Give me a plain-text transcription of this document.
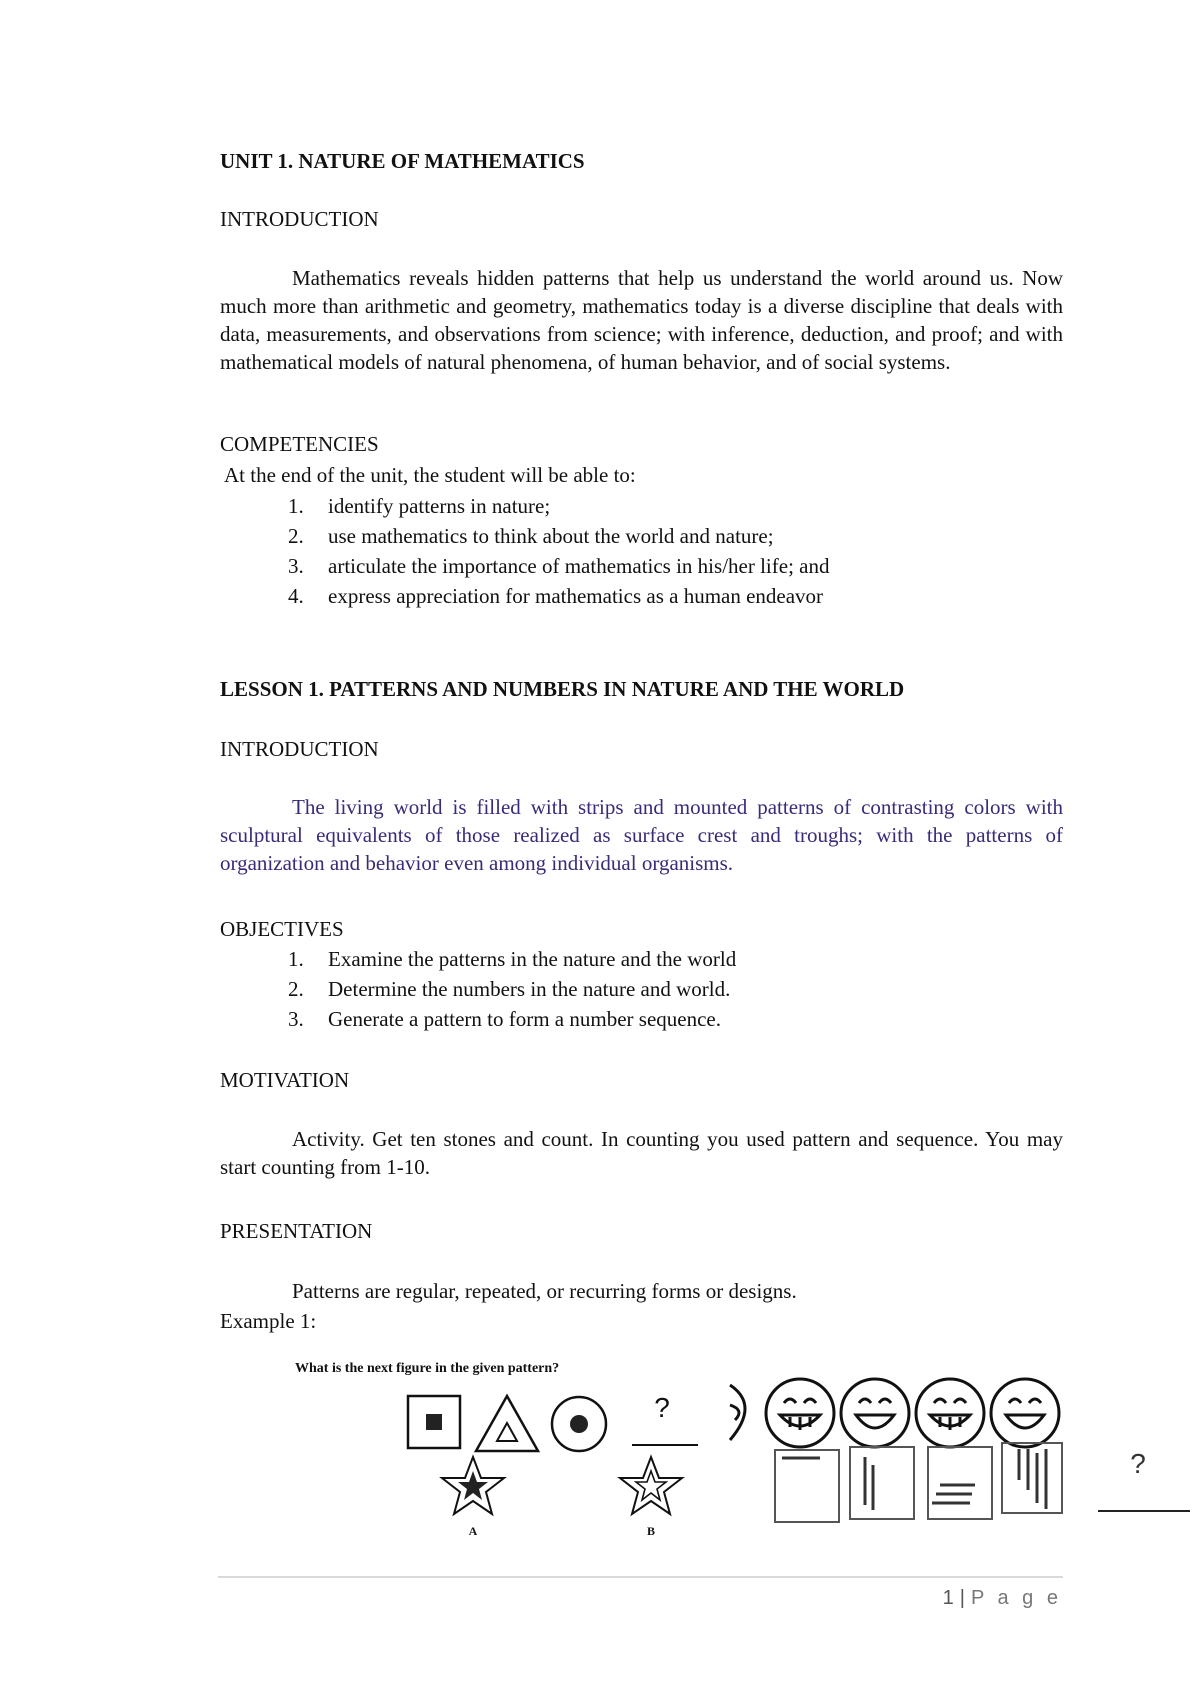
UNIT 1. NATURE OF MATHEMATICS
INTRODUCTION
Mathematics reveals hidden patterns that help us understand the world around us. Now much more than arithmetic and geometry, mathematics today is a diverse discipline that deals with data, measurements, and observations from science; with inference, deduction, and proof; and with mathematical models of natural phenomena, of human behavior, and of social systems.
COMPETENCIES
At the end of the unit, the student will be able to:
1. identify patterns in nature;
2. use mathematics to think about the world and nature;
3. articulate the importance of mathematics in his/her life; and
4. express appreciation for mathematics as a human endeavor
LESSON 1. PATTERNS AND NUMBERS IN NATURE AND THE WORLD
INTRODUCTION
The living world is filled with strips and mounted patterns of contrasting colors with sculptural equivalents of those realized as surface crest and troughs; with the patterns of organization and behavior even among individual organisms.
OBJECTIVES
1. Examine the patterns in the nature and the world
2. Determine the numbers in the nature and world.
3. Generate a pattern to form a number sequence.
MOTIVATION
Activity. Get ten stones and count. In counting you used pattern and sequence. You may start counting from 1-10.
PRESENTATION
Patterns are regular, repeated, or recurring forms or designs.
Example 1:
What is the next figure in the given pattern?
?
A	B
?
1 | P a g e
